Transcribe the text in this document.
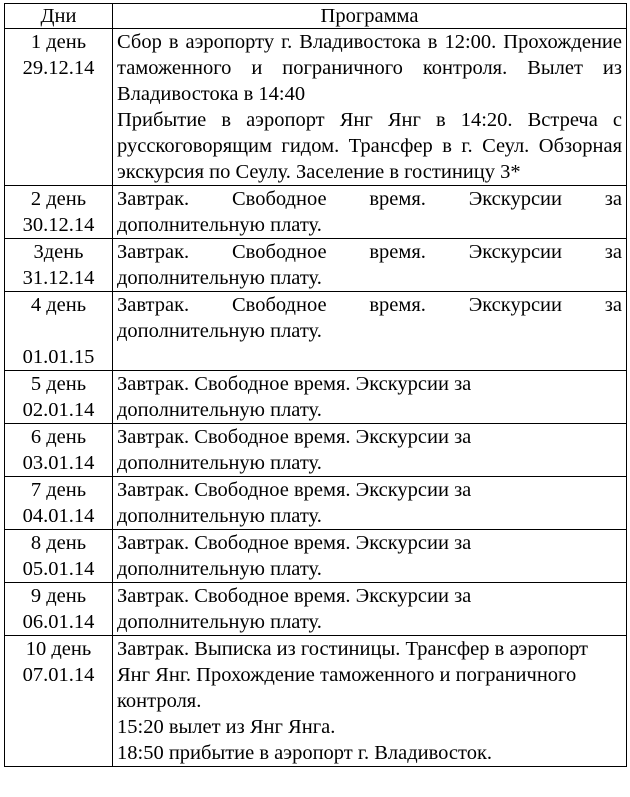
Дни	Программа

1 день
29.12.14	Сбор в аэропорту г. Владивостока в 12:00. Прохождение таможенного и пограничного контроля. Вылет из Владивостока в 14:40
Прибытие в аэропорт Янг Янг в 14:20. Встреча с русскоговорящим гидом. Трансфер в г. Сеул. Обзорная экскурсия по Сеулу. Заселение в гостиницу 3*

2 день
30.12.14	Завтрак. Свободное время. Экскурсии за дополнительную плату.

3день
31.12.14	Завтрак. Свободное время. Экскурсии за дополнительную плату.

4 день
01.01.15	Завтрак. Свободное время. Экскурсии за дополнительную плату.

5 день
02.01.14	Завтрак. Свободное время. Экскурсии за дополнительную плату.

6 день
03.01.14	Завтрак. Свободное время. Экскурсии за дополнительную плату.

7 день
04.01.14	Завтрак. Свободное время. Экскурсии за дополнительную плату.

8 день
05.01.14	Завтрак. Свободное время. Экскурсии за дополнительную плату.

9 день
06.01.14	Завтрак. Свободное время. Экскурсии за дополнительную плату.

10 день
07.01.14	Завтрак. Выписка из гостиницы. Трансфер в аэропорт Янг Янг. Прохождение таможенного и пограничного контроля.
15:20 вылет из Янг Янга.
18:50 прибытие в аэропорт г. Владивосток.
